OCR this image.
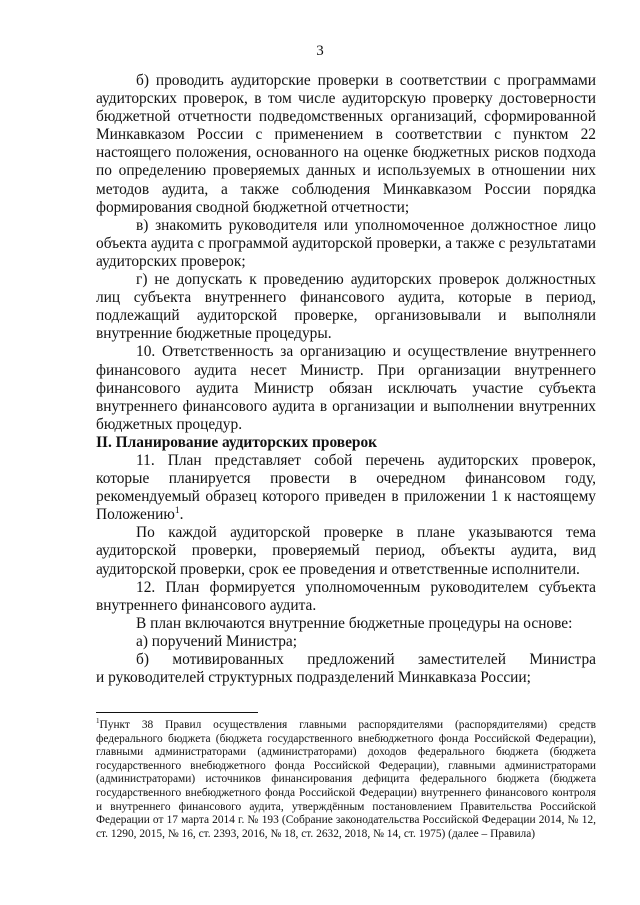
3

б) проводить аудиторские проверки в соответствии с программами аудиторских проверок, в том числе аудиторскую проверку достоверности бюджетной отчетности подведомственных организаций, сформированной Минкавказом России с применением в соответствии с пунктом 22 настоящего положения, основанного на оценке бюджетных рисков подхода по определению проверяемых данных и используемых в отношении них методов аудита, а также соблюдения Минкавказом России порядка формирования сводной бюджетной отчетности;

в) знакомить руководителя или уполномоченное должностное лицо объекта аудита с программой аудиторской проверки, а также с результатами аудиторских проверок;

г) не допускать к проведению аудиторских проверок должностных лиц субъекта внутреннего финансового аудита, которые в период, подлежащий аудиторской проверке, организовывали и выполняли внутренние бюджетные процедуры.

10. Ответственность за организацию и осуществление внутреннего финансового аудита несет Министр. При организации внутреннего финансового аудита Министр обязан исключать участие субъекта внутреннего финансового аудита в организации и выполнении внутренних бюджетных процедур.

II. Планирование аудиторских проверок

11. План представляет собой перечень аудиторских проверок, которые планируется провести в очередном финансовом году, рекомендуемый образец которого приведен в приложении 1 к настоящему Положению$^1$.

По каждой аудиторской проверке в плане указываются тема аудиторской проверки, проверяемый период, объекты аудита, вид аудиторской проверки, срок ее проведения и ответственные исполнители.

12. План формируется уполномоченным руководителем субъекта внутреннего финансового аудита.

В план включаются внутренние бюджетные процедуры на основе:

а) поручений Министра;

б) мотивированных предложений заместителей Министра

и руководителей структурных подразделений Минкавказа России;

$^1$Пункт 38 Правил осуществления главными распорядителями (распорядителями) средств федерального бюджета (бюджета государственного внебюджетного фонда Российской Федерации), главными администраторами (администраторами) доходов федерального бюджета (бюджета государственного внебюджетного фонда Российской Федерации), главными администраторами (администраторами) источников финансирования дефицита федерального бюджета (бюджета государственного внебюджетного фонда Российской Федерации) внутреннего финансового контроля и внутреннего финансового аудита, утверждённым постановлением Правительства Российской Федерации от 17 марта 2014 г. № 193 (Собрание законодательства Российской Федерации 2014, № 12, ст. 1290, 2015, № 16, ст. 2393, 2016, № 18, ст. 2632, 2018, № 14, ст. 1975) (далее – Правила)
